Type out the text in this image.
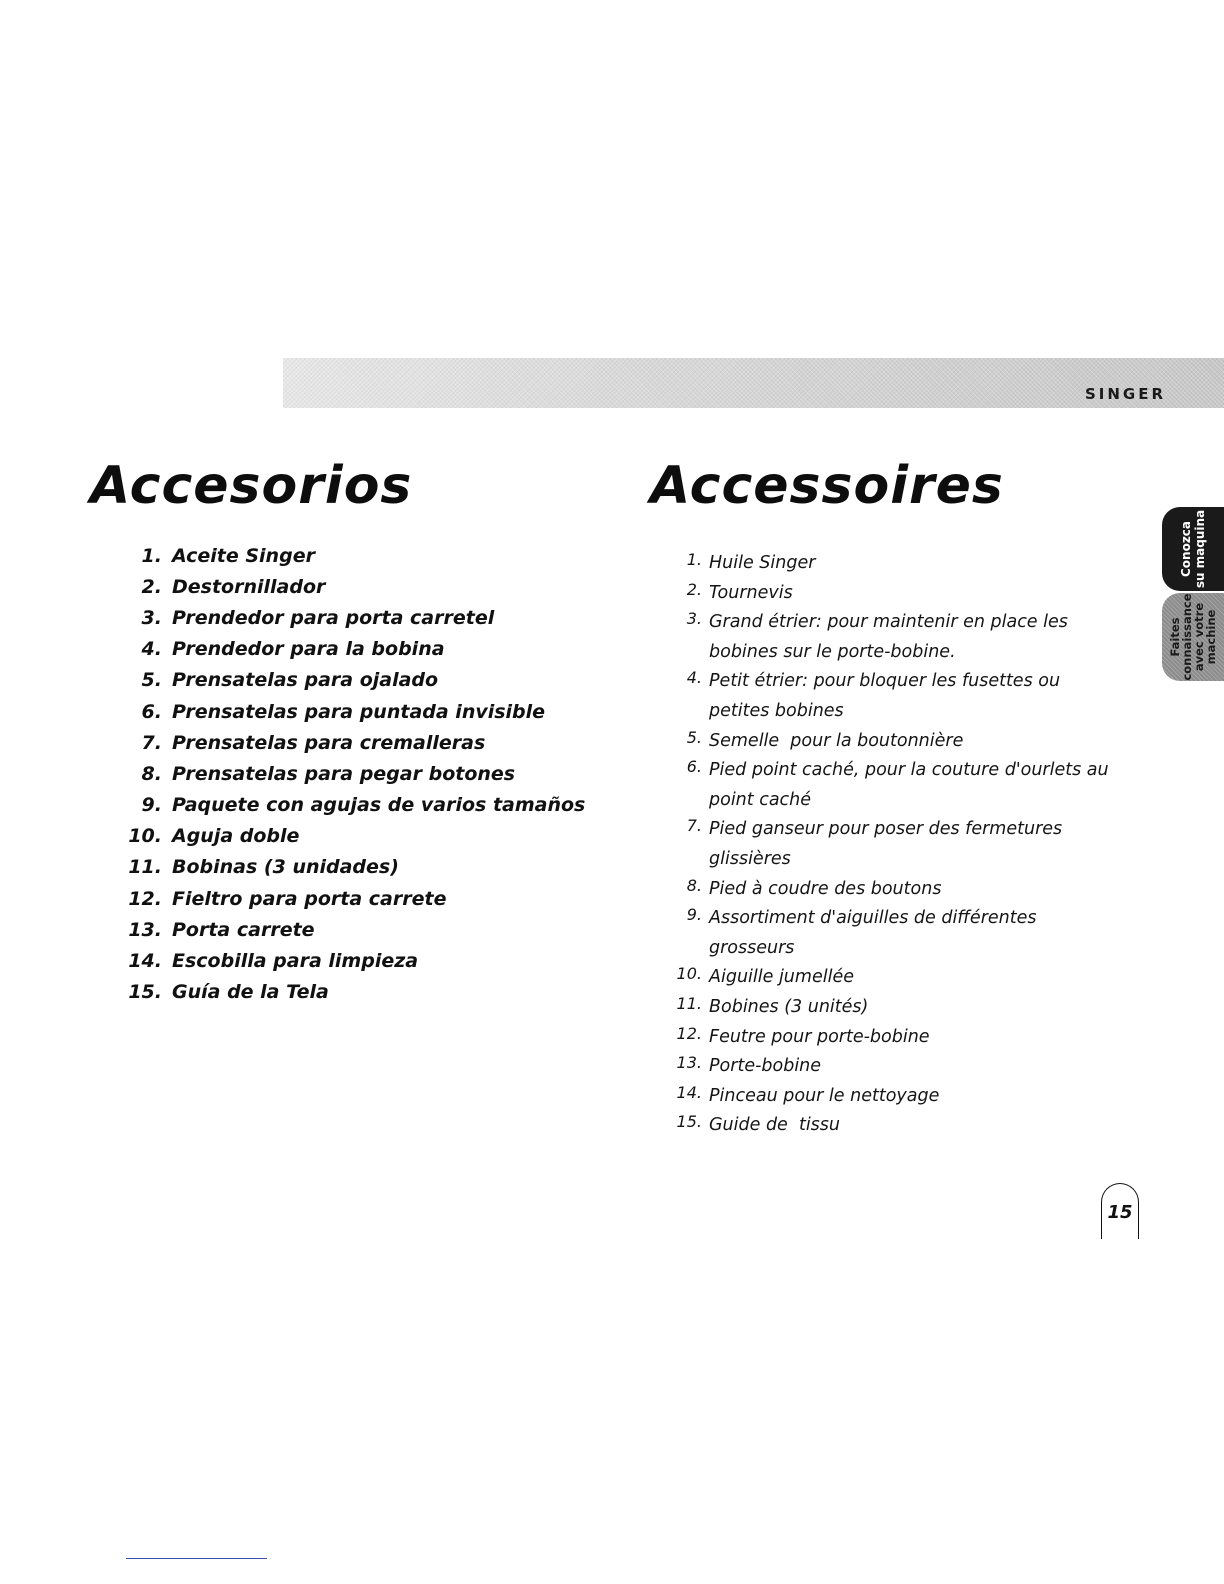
SINGER
Accesorios	Accessoires
1. Aceite Singer
2. Destornillador
3. Prendedor para porta carretel
4. Prendedor para la bobina
5. Prensatelas para ojalado
6. Prensatelas para puntada invisible
7. Prensatelas para cremalleras
8. Prensatelas para pegar botones
9. Paquete con agujas de varios tamaños
10. Aguja doble
11. Bobinas (3 unidades)
12. Fieltro para porta carrete
13. Porta carrete
14. Escobilla para limpieza
15. Guía de la Tela
1. Huile Singer
2. Tournevis
3. Grand étrier: pour maintenir en place les bobines sur le porte-bobine.
4. Petit étrier: pour bloquer les fusettes ou petites bobines
5. Semelle  pour la boutonnière
6. Pied point caché, pour la couture d'ourlets au point caché
7. Pied ganseur pour poser des fermetures glissières
8. Pied à coudre des boutons
9. Assortiment d'aiguilles de différentes grosseurs
10. Aiguille jumellée
11. Bobines (3 unités)
12. Feutre pour porte-bobine
13. Porte-bobine
14. Pinceau pour le nettoyage
15. Guide de  tissu
Conozca su maquina
Faites
connaissance
avec votre
machine
15
